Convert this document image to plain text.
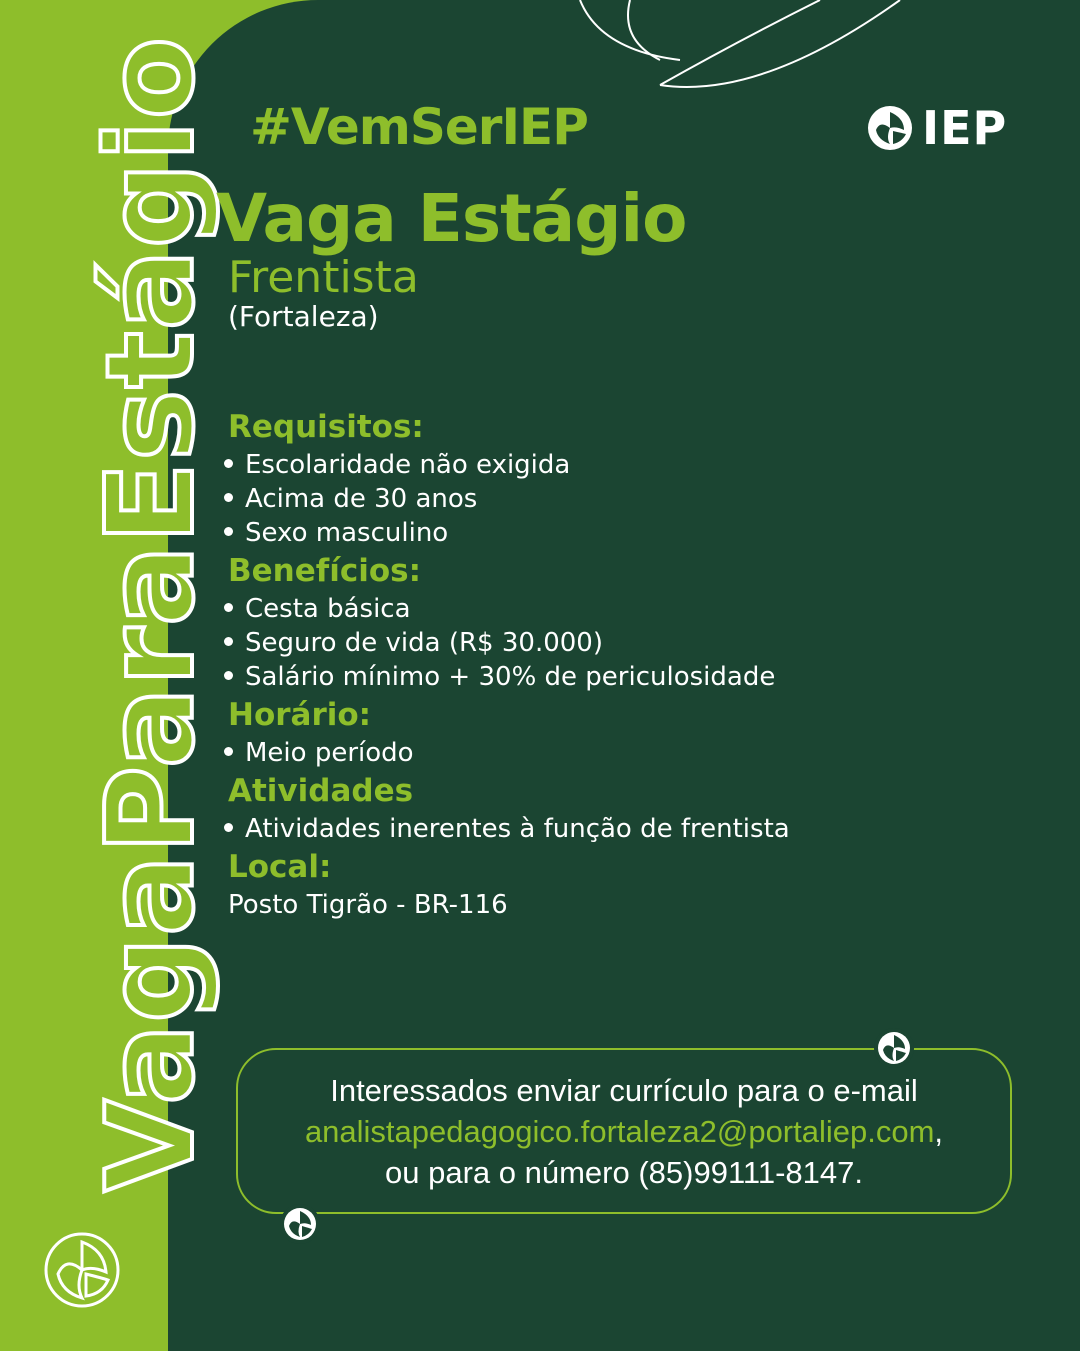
VagaParaEstágio #VemSerIEP	IEP
Vaga Estágio
Frentista
(Fortaleza)
Requisitos:
Escolaridade não exigida
Acima de 30 anos
Sexo masculino
Benefícios:
Cesta básica
Seguro de vida (R$ 30.000)
Salário mínimo + 30% de periculosidade
Horário:
Meio período
Atividades
Atividades inerentes à função de frentista
Local:
Posto Tigrão - BR-116
Interessados enviar currículo para o e-mail
analistapedagogico.fortaleza2@portaliep.com,
ou para o número (85)99111-8147.
